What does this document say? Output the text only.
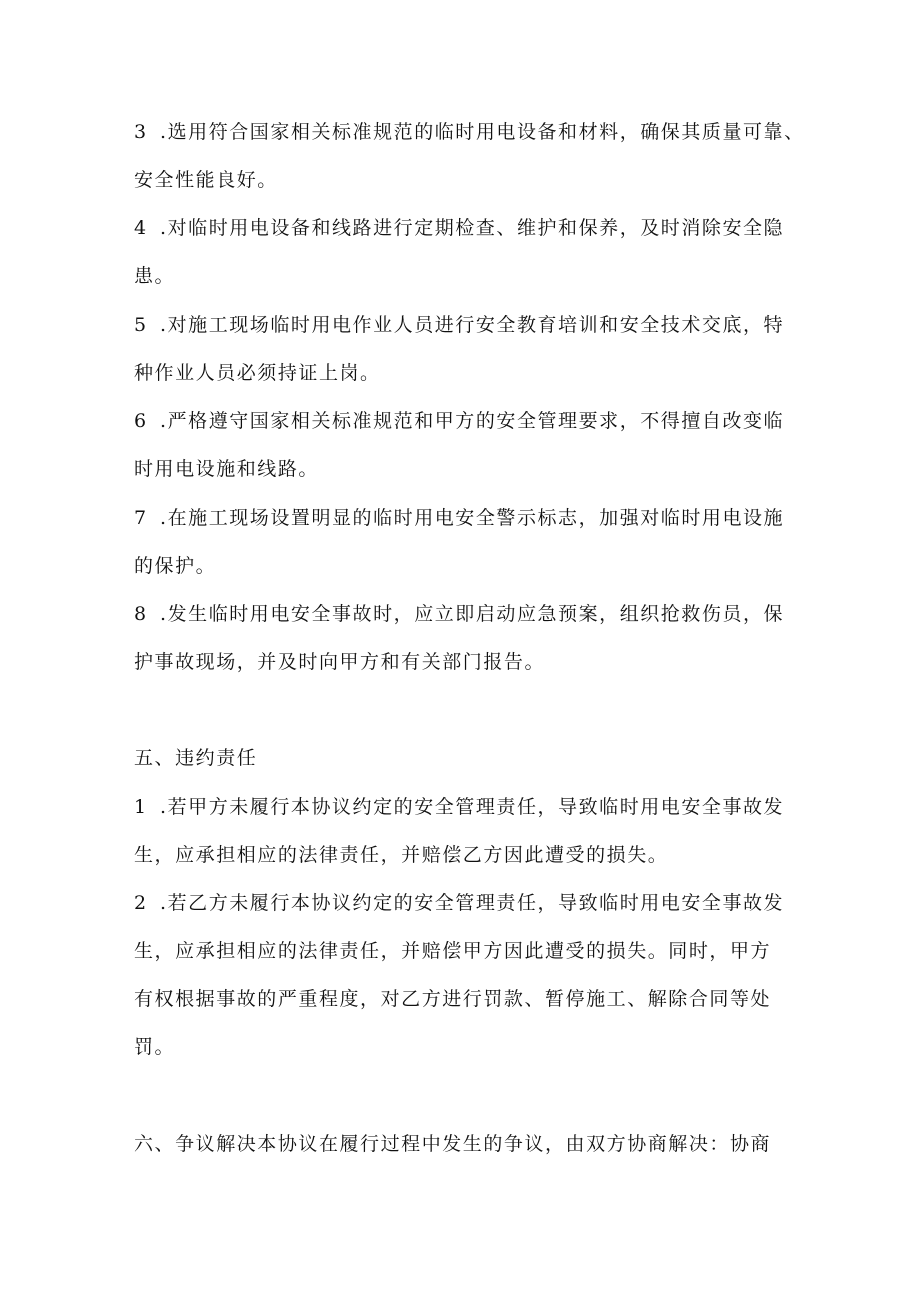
3 .选用符合国家相关标准规范的临时用电设备和材料，确保其质量可靠、
安全性能良好。
4 .对临时用电设备和线路进行定期检查、维护和保养，及时消除安全隐
患。
5 .对施工现场临时用电作业人员进行安全教育培训和安全技术交底，特
种作业人员必须持证上岗。
6 .严格遵守国家相关标准规范和甲方的安全管理要求，不得擅自改变临
时用电设施和线路。
7 .在施工现场设置明显的临时用电安全警示标志，加强对临时用电设施
的保护。
8 .发生临时用电安全事故时，应立即启动应急预案，组织抢救伤员，保
护事故现场，并及时向甲方和有关部门报告。
五、违约责任
1 .若甲方未履行本协议约定的安全管理责任，导致临时用电安全事故发
生，应承担相应的法律责任，并赔偿乙方因此遭受的损失。
2 .若乙方未履行本协议约定的安全管理责任，导致临时用电安全事故发
生，应承担相应的法律责任，并赔偿甲方因此遭受的损失。同时，甲方
有权根据事故的严重程度，对乙方进行罚款、暂停施工、解除合同等处
罚。
六、争议解决本协议在履行过程中发生的争议，由双方协商解决：协商
